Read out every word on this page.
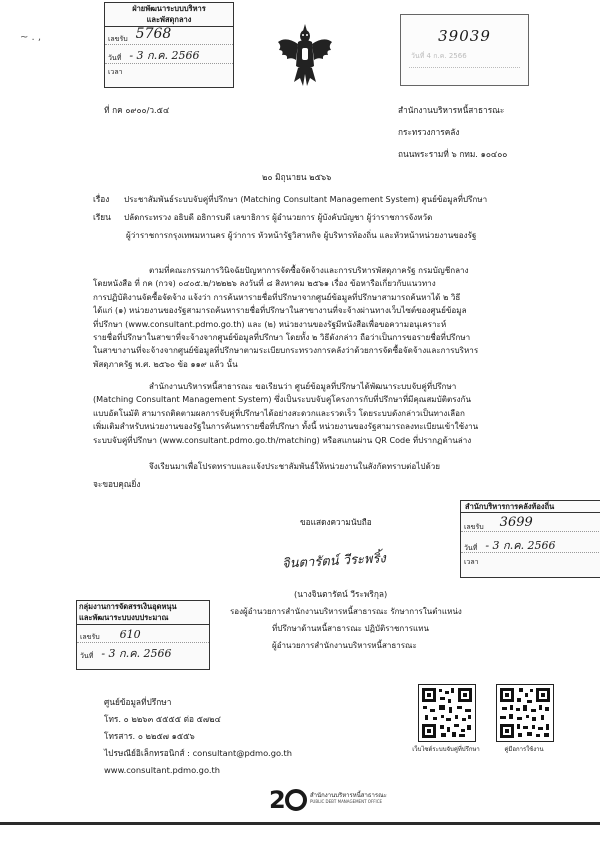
~ . ,
ฝ่ายพัฒนาระบบบริหาร
และพัสดุกลาง
เลขรับ 5768
วันที่ - 3 ก.ค. 2566
เวลา
39039
วันที่ 4 ก.ค. 2566
ที่ กค ๐๙๐๐/ว.๕๔	สำนักงานบริหารหนี้สาธารณะ
กระทรวงการคลัง
ถนนพระรามที่ ๖ กทม. ๑๐๔๐๐
๒๐ มิถุนายน ๒๕๖๖
เรื่อง ประชาสัมพันธ์ระบบจับคู่ที่ปรึกษา (Matching Consultant Management System) ศูนย์ข้อมูลที่ปรึกษา
เรียน ปลัดกระทรวง อธิบดี อธิการบดี เลขาธิการ ผู้อำนวยการ ผู้บังคับบัญชา ผู้ว่าราชการจังหวัด
ผู้ว่าราชการกรุงเทพมหานคร ผู้ว่าการ หัวหน้ารัฐวิสาหกิจ ผู้บริหารท้องถิ่น และหัวหน้าหน่วยงานของรัฐ
ตามที่คณะกรรมการวินิจฉัยปัญหาการจัดซื้อจัดจ้างและการบริหารพัสดุภาครัฐ กรมบัญชีกลาง
โดยหนังสือ ที่ กค (กวจ) ๐๔๐๕.๒/ว๒๒๒๖ ลงวันที่ ๘ สิงหาคม ๒๕๖๑ เรื่อง ข้อหารือเกี่ยวกับแนวทาง
การปฏิบัติงานจัดซื้อจัดจ้าง แจ้งว่า การค้นหารายชื่อที่ปรึกษาจากศูนย์ข้อมูลที่ปรึกษาสามารถค้นหาได้ ๒ วิธี
ได้แก่ (๑) หน่วยงานของรัฐสามารถค้นหารายชื่อที่ปรึกษาในสาขางานที่จะจ้างผ่านทางเว็บไซต์ของศูนย์ข้อมูล
ที่ปรึกษา (www.consultant.pdmo.go.th) และ (๒) หน่วยงานของรัฐมีหนังสือเพื่อขอความอนุเคราะห์
รายชื่อที่ปรึกษาในสาขาที่จะจ้างจากศูนย์ข้อมูลที่ปรึกษา โดยทั้ง ๒ วิธีดังกล่าว ถือว่าเป็นการขอรายชื่อที่ปรึกษา
ในสาขางานที่จะจ้างจากศูนย์ข้อมูลที่ปรึกษาตามระเบียบกระทรวงการคลังว่าด้วยการจัดซื้อจัดจ้างและการบริหาร
พัสดุภาครัฐ พ.ศ. ๒๕๖๐ ข้อ ๑๑๙ แล้ว นั้น
สำนักงานบริหารหนี้สาธารณะ ขอเรียนว่า ศูนย์ข้อมูลที่ปรึกษาได้พัฒนาระบบจับคู่ที่ปรึกษา
(Matching Consultant Management System) ซึ่งเป็นระบบจับคู่โครงการกับที่ปรึกษาที่มีคุณสมบัติตรงกัน
แบบอัตโนมัติ สามารถติดตามผลการจับคู่ที่ปรึกษาได้อย่างสะดวกและรวดเร็ว โดยระบบดังกล่าวเป็นทางเลือก
เพิ่มเติมสำหรับหน่วยงานของรัฐในการค้นหารายชื่อที่ปรึกษา ทั้งนี้ หน่วยงานของรัฐสามารถลงทะเบียนเข้าใช้งาน
ระบบจับคู่ที่ปรึกษา (www.consultant.pdmo.go.th/matching) หรือสแกนผ่าน QR Code ที่ปรากฏด้านล่าง
จึงเรียนมาเพื่อโปรดทราบและแจ้งประชาสัมพันธ์ให้หน่วยงานในสังกัดทราบต่อไปด้วย
จะขอบคุณยิ่ง
ขอแสดงความนับถือ
จินตารัตน์ วีระพริ้ง
(นางจินตารัตน์ วีระพริกุล)
รองผู้อำนวยการสำนักงานบริหารหนี้สาธารณะ รักษาการในตำแหน่ง
ที่ปรึกษาด้านหนี้สาธารณะ ปฏิบัติราชการแทน
ผู้อำนวยการสำนักงานบริหารหนี้สาธารณะ
สำนักบริหารการคลังท้องถิ่น
เลขรับ 3699
วันที่ - 3 ก.ค. 2566
เวลา
กลุ่มงานการจัดสรรเงินอุดหนุน
และพัฒนาระบบงบประมาณ
เลขรับ 610
วันที่ - 3 ก.ค. 2566
ศูนย์ข้อมูลที่ปรึกษา
โทร. ๐ ๒๒๖๓ ๕๕๕๕ ต่อ ๕๗๒๔
โทรสาร. ๐ ๒๒๕๗ ๑๕๕๖
ไปรษณีย์อิเล็กทรอนิกส์ : consultant@pdmo.go.th
www.consultant.pdmo.go.th
เว็บไซต์ระบบจับคู่ที่ปรึกษา	คู่มือการใช้งาน
2	สำนักงานบริหารหนี้สาธารณะ
PUBLIC DEBT MANAGEMENT OFFICE
